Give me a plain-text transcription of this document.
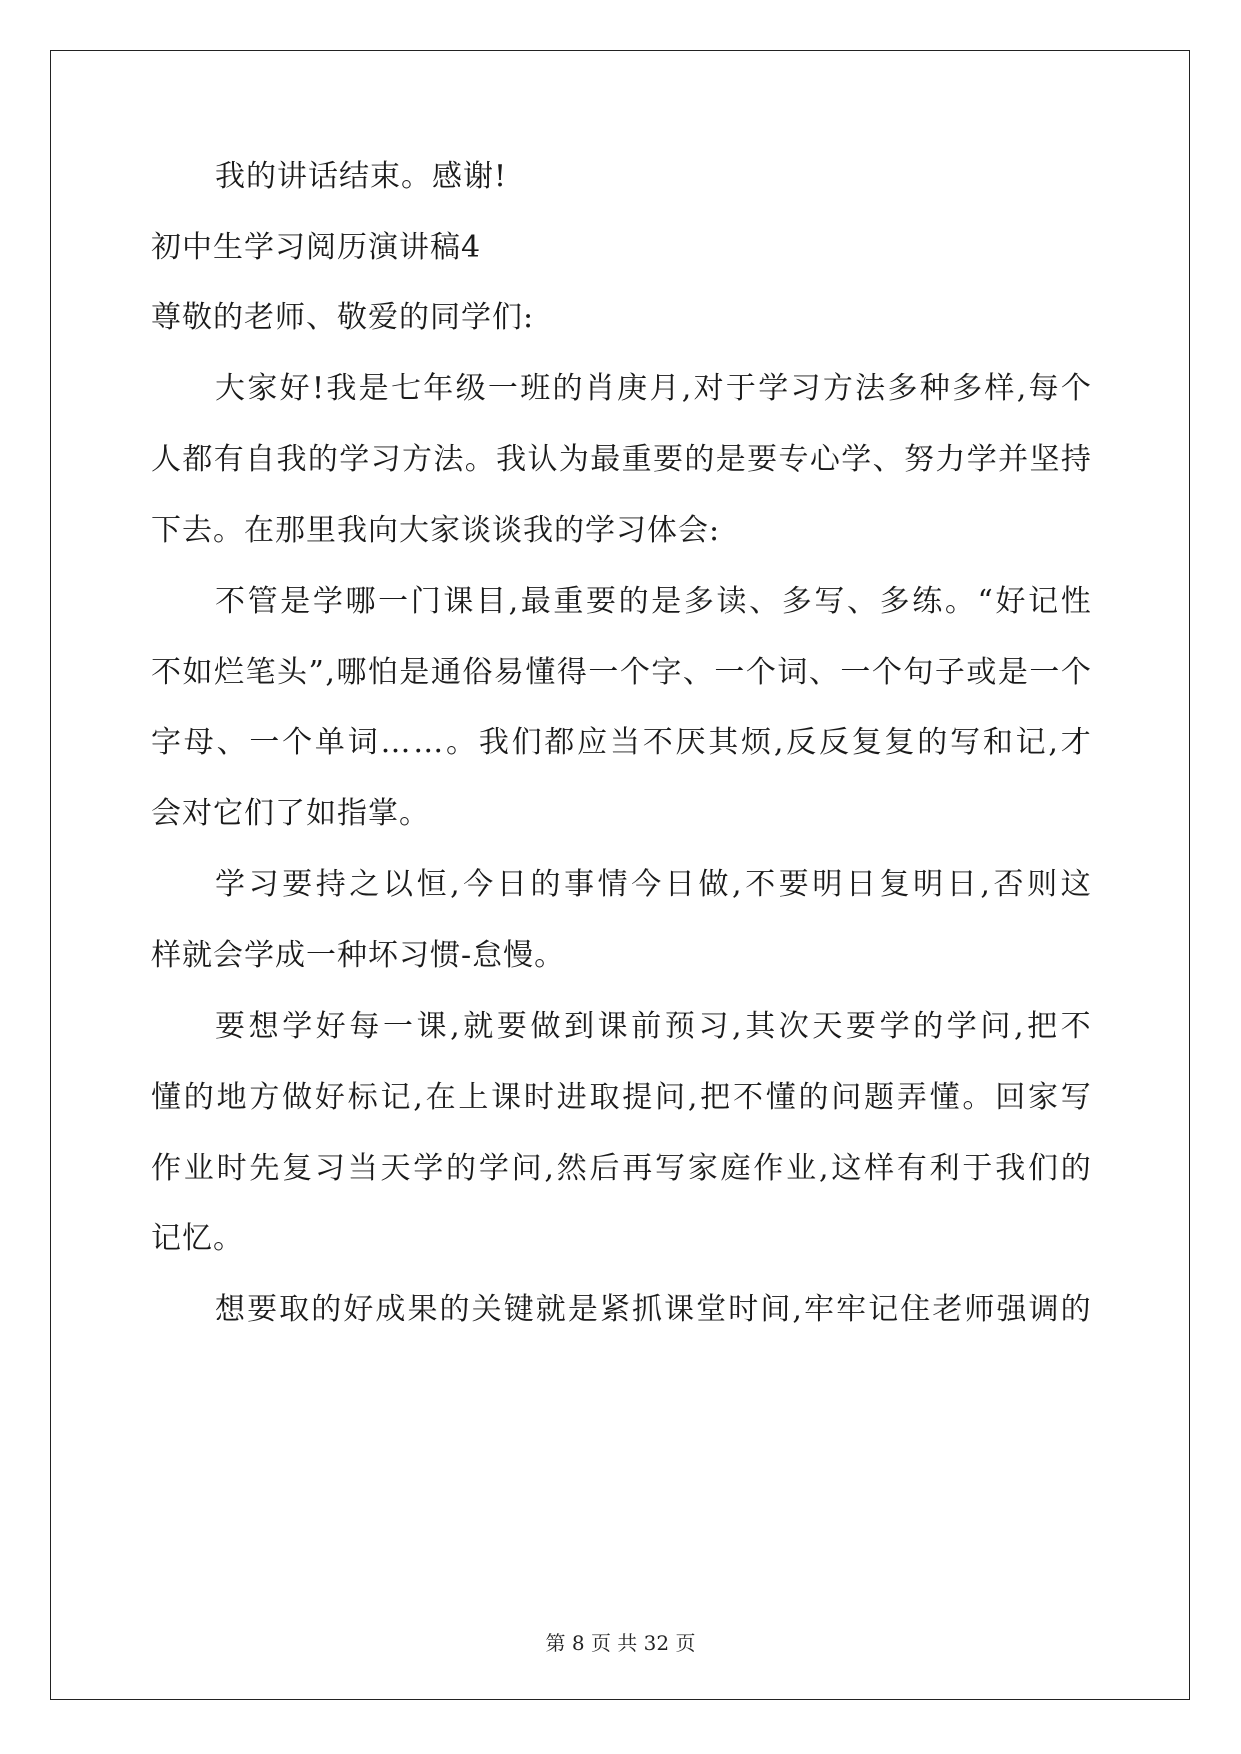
我的讲话结束。感谢!

初中生学习阅历演讲稿4

尊敬的老师、敬爱的同学们:

大 家 好 ! 我 是 七 年 级 一 班 的 肖 庚 月 , 对 于 学 习 方 法 多 种 多 样 , 每 个

人 都 有 自 我 的 学 习 方 法 。 我 认 为 最 重 要 的 是 要 专 心 学 、 努 力 学 并 坚 持

下去。在那里我向大家谈谈我的学习体会:

不 管 是 学 哪 一 门 课 目 , 最 重 要 的 是 多 读 、 多 写 、 多 练 。 “ 好 记 性

不 如 烂 笔 头 ” , 哪 怕 是 通 俗 易 懂 得 一 个 字 、 一 个 词 、 一 个 句 子 或 是 一 个

字 母 、 一 个 单 词 … … 。 我 们 都 应 当 不 厌 其 烦 , 反 反 复 复 的 写 和 记 , 才

会对它们了如指掌。

学 习 要 持 之 以 恒 , 今 日 的 事 情 今 日 做 , 不 要 明 日 复 明 日 , 否 则 这

样就会学成一种坏习惯-怠慢。

要 想 学 好 每 一 课 , 就 要 做 到 课 前 预 习 , 其 次 天 要 学 的 学 问 , 把 不

懂 的 地 方 做 好 标 记 , 在 上 课 时 进 取 提 问 , 把 不 懂 的 问 题 弄 懂 。 回 家 写

作 业 时 先 复 习 当 天 学 的 学 问 , 然 后 再 写 家 庭 作 业 , 这 样 有 利 于 我 们 的

记忆。

想 要 取 的 好 成 果 的 关 键 就 是 紧 抓 课 堂 时 间 , 牢 牢 记 住 老 师 强 调 的

第 8 页 共 32 页
